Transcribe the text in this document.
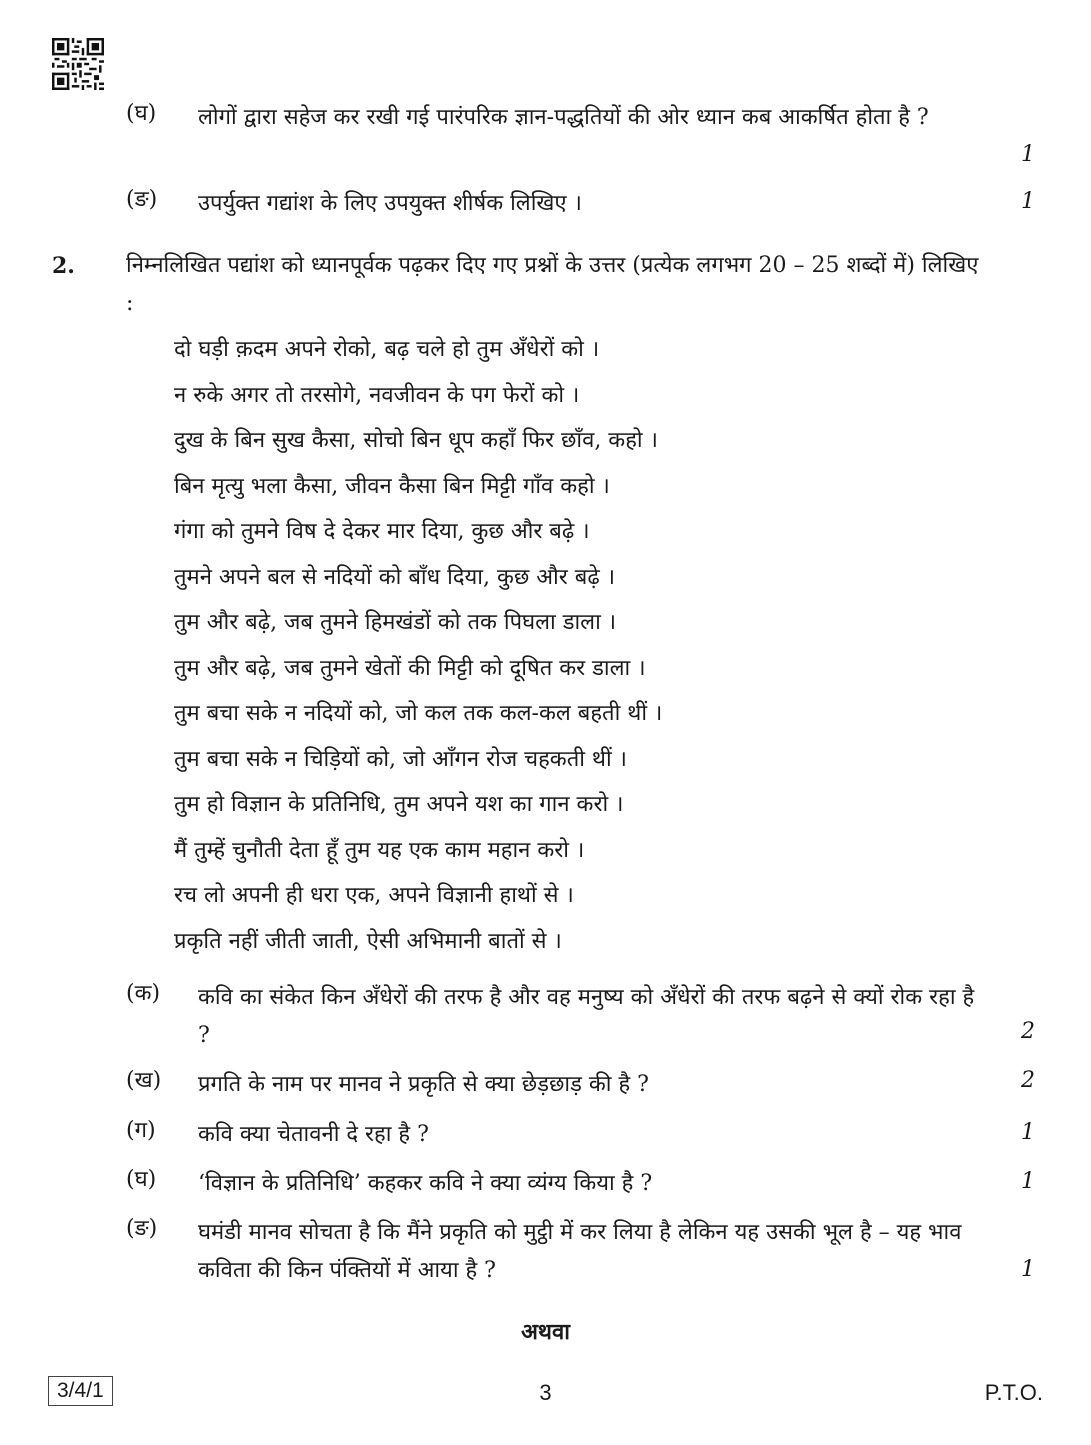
(घ) लोगों द्वारा सहेज कर रखी गई पारंपरिक ज्ञान-पद्धतियों की ओर ध्यान कब आकर्षित होता है ?
1
(ङ) उपर्युक्त गद्यांश के लिए उपयुक्त शीर्षक लिखिए ।	1
2. निम्नलिखित पद्यांश को ध्यानपूर्वक पढ़कर दिए गए प्रश्नों के उत्तर (प्रत्येक लगभग 20 – 25 शब्दों में) लिखिए :
दो घड़ी क़दम अपने रोको, बढ़ चले हो तुम अँधेरों को ।
न रुके अगर तो तरसोगे, नवजीवन के पग फेरों को ।
दुख के बिन सुख कैसा, सोचो बिन धूप कहाँ फिर छाँव, कहो ।
बिन मृत्यु भला कैसा, जीवन कैसा बिन मिट्टी गाँव कहो ।
गंगा को तुमने विष दे देकर मार दिया, कुछ और बढ़े ।
तुमने अपने बल से नदियों को बाँध दिया, कुछ और बढ़े ।
तुम और बढ़े, जब तुमने हिमखंडों को तक पिघला डाला ।
तुम और बढ़े, जब तुमने खेतों की मिट्टी को दूषित कर डाला ।
तुम बचा सके न नदियों को, जो कल तक कल-कल बहती थीं ।
तुम बचा सके न चिड़ियों को, जो आँगन रोज चहकती थीं ।
तुम हो विज्ञान के प्रतिनिधि, तुम अपने यश का गान करो ।
मैं तुम्हें चुनौती देता हूँ तुम यह एक काम महान करो ।
रच लो अपनी ही धरा एक, अपने विज्ञानी हाथों से ।
प्रकृति नहीं जीती जाती, ऐसी अभिमानी बातों से ।
(क) कवि का संकेत किन अँधेरों की तरफ है और वह मनुष्य को अँधेरों की तरफ बढ़ने से क्यों रोक रहा है ?	2
(ख) प्रगति के नाम पर मानव ने प्रकृति से क्या छेड़छाड़ की है ?	2
(ग) कवि क्या चेतावनी दे रहा है ?	1
(घ) ‘विज्ञान के प्रतिनिधि’ कहकर कवि ने क्या व्यंग्य किया है ?	1
(ङ) घमंडी मानव सोचता है कि मैंने प्रकृति को मुट्ठी में कर लिया है लेकिन यह उसकी भूल है – यह भाव कविता की किन पंक्तियों में आया है ?	1
अथवा
3/4/1	3	P.T.O.
